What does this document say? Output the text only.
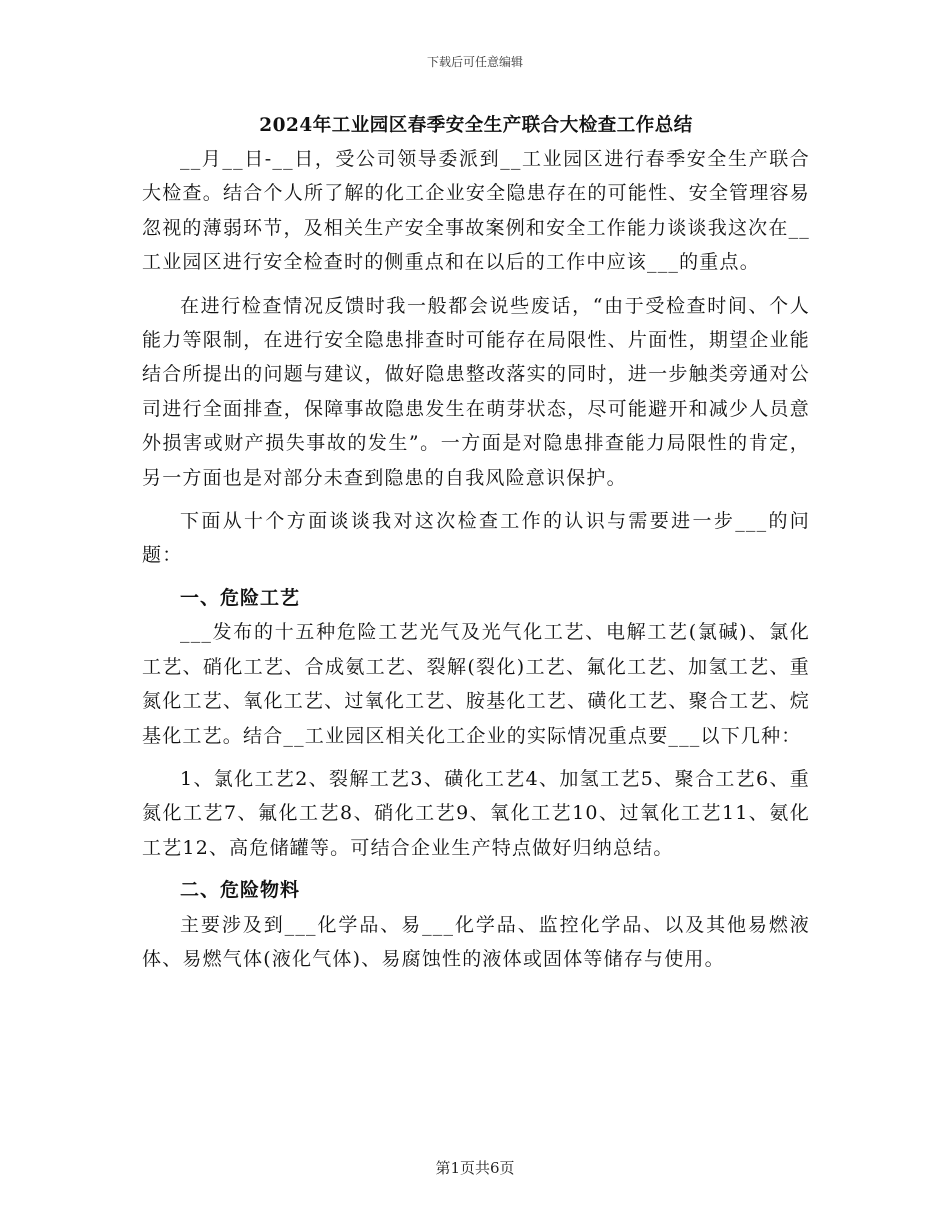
下载后可任意编辑
2024年工业园区春季安全生产联合大检查工作总结

__月__日-__日，受公司领导委派到__工业园区进行春季安全生产联合大检查。结合个人所了解的化工企业安全隐患存在的可能性、安全管理容易忽视的薄弱环节，及相关生产安全事故案例和安全工作能力谈谈我这次在__工业园区进行安全检查时的侧重点和在以后的工作中应该___的重点。

在进行检查情况反馈时我一般都会说些废话，“由于受检查时间、个人能力等限制，在进行安全隐患排查时可能存在局限性、片面性，期望企业能结合所提出的问题与建议，做好隐患整改落实的同时，进一步触类旁通对公司进行全面排查，保障事故隐患发生在萌芽状态，尽可能避开和减少人员意外损害或财产损失事故的发生”。一方面是对隐患排查能力局限性的肯定，另一方面也是对部分未查到隐患的自我风险意识保护。

下面从十个方面谈谈我对这次检查工作的认识与需要进一步___的问题：

一、危险工艺

___发布的十五种危险工艺光气及光气化工艺、电解工艺(氯碱)、氯化工艺、硝化工艺、合成氨工艺、裂解(裂化)工艺、氟化工艺、加氢工艺、重氮化工艺、氧化工艺、过氧化工艺、胺基化工艺、磺化工艺、聚合工艺、烷基化工艺。结合__工业园区相关化工企业的实际情况重点要___以下几种：

1、氯化工艺2、裂解工艺3、磺化工艺4、加氢工艺5、聚合工艺6、重氮化工艺7、氟化工艺8、硝化工艺9、氧化工艺10、过氧化工艺11、氨化工艺12、高危储罐等。可结合企业生产特点做好归纳总结。

二、危险物料

主要涉及到___化学品、易___化学品、监控化学品、以及其他易燃液体、易燃气体(液化气体)、易腐蚀性的液体或固体等储存与使用。

第1页共6页
